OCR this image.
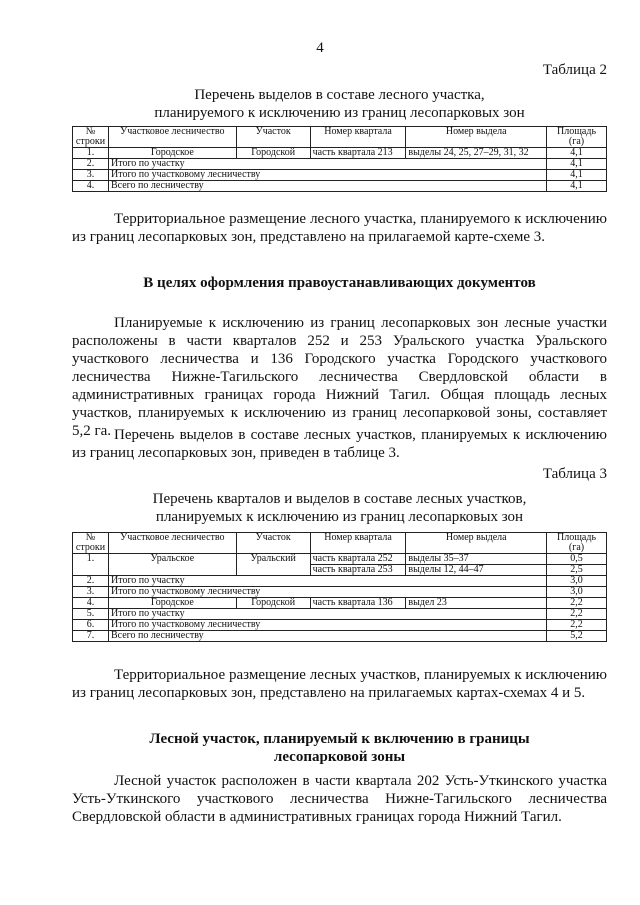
4
Таблица 2
Перечень выделов в составе лесного участка,
планируемого к исключению из границ лесопарковых зон
№ строки	Участковое лесничество	Участок	Номер квартала	Номер выдела	Площадь (га)
1.	Городское	Городской	часть квартала 213	выделы 24, 25, 27–29, 31, 32	4,1
2.	Итого по участку				4,1
3.	Итого по участковому лесничеству				4,1
4.	Всего по лесничеству				4,1

Территориальное размещение лесного участка, планируемого к исключению из границ лесопарковых зон, представлено на прилагаемой карте-схеме 3.

В целях оформления правоустанавливающих документов

Планируемые к исключению из границ лесопарковых зон лесные участки расположены в части кварталов 252 и 253 Уральского участка Уральского участкового лесничества и 136 Городского участка Городского участкового лесничества Нижне-Тагильского лесничества Свердловской области в административных границах города Нижний Тагил. Общая площадь лесных участков, планируемых к исключению из границ лесопарковой зоны, составляет 5,2 га. Перечень выделов в составе лесных участков, планируемых к исключению из границ лесопарковых зон, приведен в таблице 3.

Таблица 3
Перечень кварталов и выделов в составе лесных участков,
планируемых к исключению из границ лесопарковых зон
№ строки	Участковое лесничество	Участок	Номер квартала	Номер выдела	Площадь (га)
1.	Уральское	Уральский	часть квартала 252	выделы 35–37	0,5
			часть квартала 253	выделы 12, 44–47	2,5
2.	Итого по участку				3,0
3.	Итого по участковому лесничеству				3,0
4.	Городское	Городской	часть квартала 136	выдел 23	2,2
5.	Итого по участку				2,2
6.	Итого по участковому лесничеству				2,2
7.	Всего по лесничеству				5,2

Территориальное размещение лесных участков, планируемых к исключению из границ лесопарковых зон, представлено на прилагаемых картах-схемах 4 и 5.

Лесной участок, планируемый к включению в границы
лесопарковой зоны

Лесной участок расположен в части квартала 202 Усть-Уткинского участка Усть-Уткинского участкового лесничества Нижне-Тагильского лесничества Свердловской области в административных границах города Нижний Тагил.
